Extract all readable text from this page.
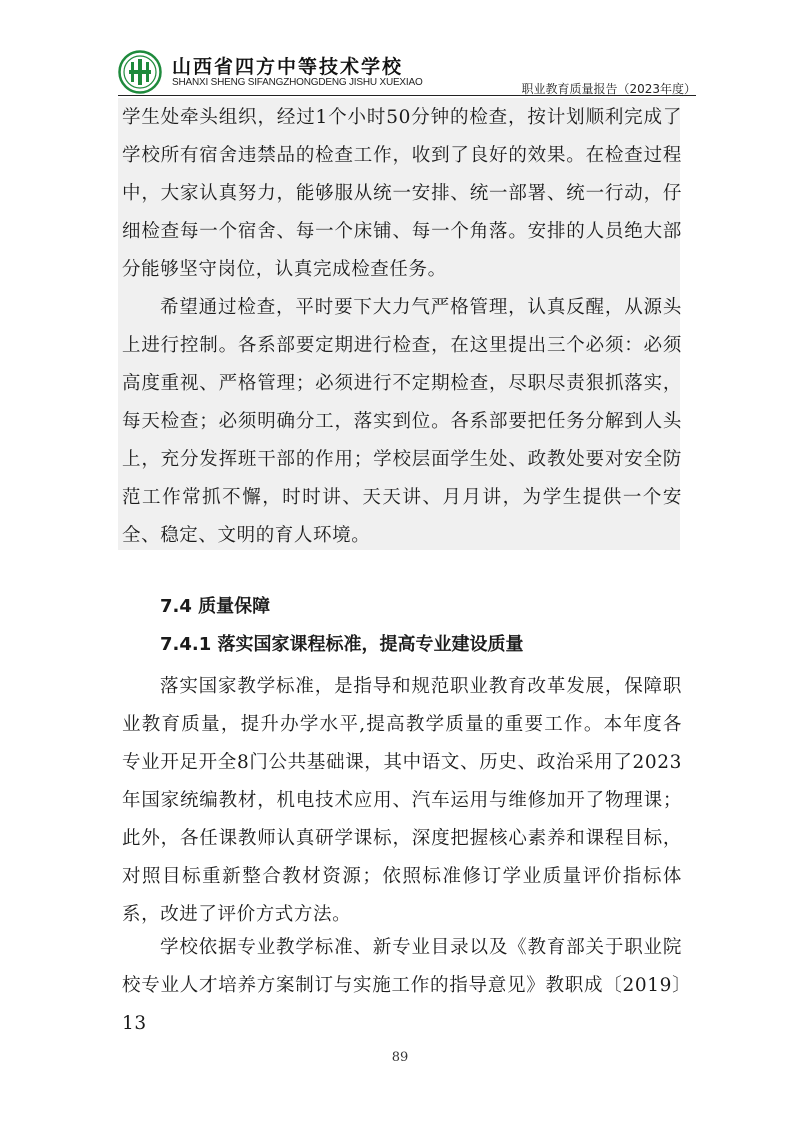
山西省四方中等技术学校
SHANXI SHENG SIFANGZHONGDENG JISHU XUEXIAO	职业教育质量报告（2023年度）

学生处牵头组织，经过1个小时50分钟的检查，按计划顺利完成了学校所有宿舍违禁品的检查工作，收到了良好的效果。在检查过程中，大家认真努力，能够服从统一安排、统一部署、统一行动，仔细检查每一个宿舍、每一个床铺、每一个角落。安排的人员绝大部分能够坚守岗位，认真完成检查任务。

希望通过检查，平时要下大力气严格管理，认真反醒，从源头上进行控制。各系部要定期进行检查，在这里提出三个必须：必须高度重视、严格管理；必须进行不定期检查，尽职尽责狠抓落实，每天检查；必须明确分工，落实到位。各系部要把任务分解到人头上，充分发挥班干部的作用；学校层面学生处、政教处要对安全防范工作常抓不懈，时时讲、天天讲、月月讲，为学生提供一个安全、稳定、文明的育人环境。

7.4 质量保障
7.4.1 落实国家课程标准，提高专业建设质量

落实国家教学标准，是指导和规范职业教育改革发展，保障职业教育质量，提升办学水平,提高教学质量的重要工作。本年度各专业开足开全8门公共基础课，其中语文、历史、政治采用了2023年国家统编教材，机电技术应用、汽车运用与维修加开了物理课；此外，各任课教师认真研学课标，深度把握核心素养和课程目标，对照目标重新整合教材资源；依照标准修订学业质量评价指标体系，改进了评价方式方法。

学校依据专业教学标准、新专业目录以及《教育部关于职业院校专业人才培养方案制订与实施工作的指导意见》教职成〔2019〕13

89
